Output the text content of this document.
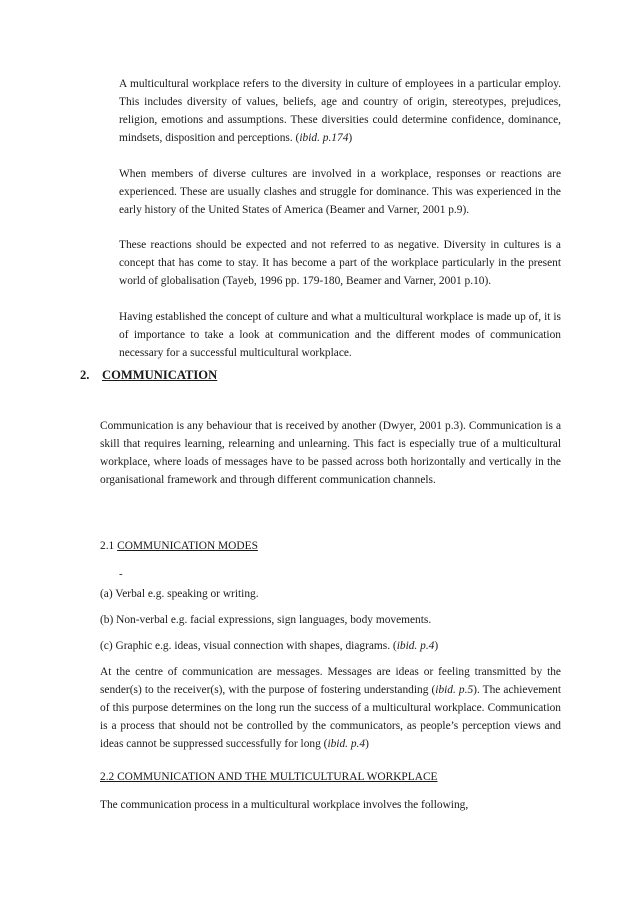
A multicultural workplace refers to the diversity in culture of employees in a particular employ. This includes diversity of values, beliefs, age and country of origin, stereotypes, prejudices, religion, emotions and assumptions. These diversities could determine confidence, dominance, mindsets, disposition and perceptions. (ibid. p.174)

When members of diverse cultures are involved in a workplace, responses or reactions are experienced. These are usually clashes and struggle for dominance. This was experienced in the early history of the United States of America (Beamer and Varner, 2001 p.9).

These reactions should be expected and not referred to as negative. Diversity in cultures is a concept that has come to stay. It has become a part of the workplace particularly in the present world of globalisation (Tayeb, 1996 pp. 179-180, Beamer and Varner, 2001 p.10).

Having established the concept of culture and what a multicultural workplace is made up of, it is of importance to take a look at communication and the different modes of communication necessary for a successful multicultural workplace.

2. COMMUNICATION

Communication is any behaviour that is received by another (Dwyer, 2001 p.3). Communication is a skill that requires learning, relearning and unlearning. This fact is especially true of a multicultural workplace, where loads of messages have to be passed across both horizontally and vertically in the organisational framework and through different communication channels.

2.1 COMMUNICATION MODES
-

(a) Verbal e.g. speaking or writing.

(b) Non-verbal e.g. facial expressions, sign languages, body movements.

(c) Graphic e.g. ideas, visual connection with shapes, diagrams. (ibid. p.4)

At the centre of communication are messages. Messages are ideas or feeling transmitted by the sender(s) to the receiver(s), with the purpose of fostering understanding (ibid. p.5). The achievement of this purpose determines on the long run the success of a multicultural workplace. Communication is a process that should not be controlled by the communicators, as people’s perception views and ideas cannot be suppressed successfully for long (ibid. p.4)

2.2 COMMUNICATION AND THE MULTICULTURAL WORKPLACE

The communication process in a multicultural workplace involves the following,
